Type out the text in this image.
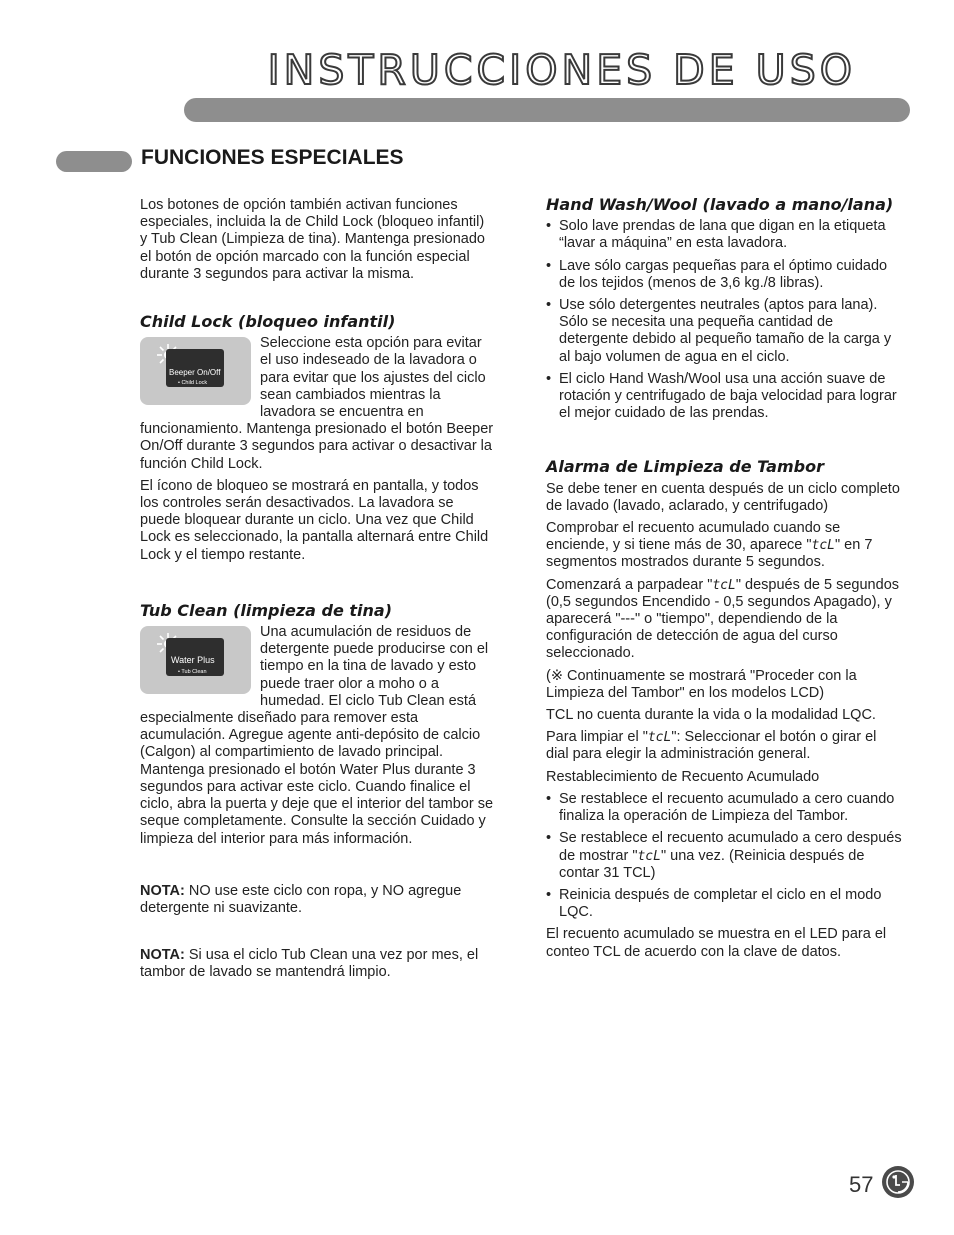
INSTRUCCIONES DE USO
FUNCIONES ESPECIALES

Los botones de opción también activan funciones especiales, incluida la de Child Lock (bloqueo infantil) y Tub Clean (Limpieza de tina). Mantenga presionado el botón de opción marcado con la función especial durante 3 segundos para activar la misma.

Child Lock (bloqueo infantil)
Beeper On/Off
• Child Lock

Seleccione esta opción para evitar el uso indeseado de la lavadora o para evitar que los ajustes del ciclo sean cambiados mientras la lavadora se encuentra en funcionamiento. Mantenga presionado el botón Beeper On/Off durante 3 segundos para activar o desactivar la función Child Lock.

El ícono de bloqueo se mostrará en pantalla, y todos los controles serán desactivados. La lavadora se puede bloquear durante un ciclo. Una vez que Child Lock es seleccionado, la pantalla alternará entre Child Lock y el tiempo restante.

Tub Clean (limpieza de tina)
Water Plus
• Tub Clean

Una acumulación de residuos de detergente puede producirse con el tiempo en la tina de lavado y esto puede traer olor a moho o a humedad. El ciclo Tub Clean está especialmente diseñado para remover esta acumulación. Agregue agente anti-depósito de calcio (Calgon) al compartimiento de lavado principal. Mantenga presionado el botón Water Plus durante 3 segundos para activar este ciclo. Cuando finalice el ciclo, abra la puerta y deje que el interior del tambor se seque completamente. Consulte la sección Cuidado y limpieza del interior para más información.

NOTA: NO use este ciclo con ropa, y NO agregue detergente ni suavizante.

NOTA: Si usa el ciclo Tub Clean una vez por mes, el tambor de lavado se mantendrá limpio.

Hand Wash/Wool (lavado a mano/lana)
• Solo lave prendas de lana que digan en la etiqueta “lavar a máquina” en esta lavadora.
• Lave sólo cargas pequeñas para el óptimo cuidado de los tejidos (menos de 3,6 kg./8 libras).
• Use sólo detergentes neutrales (aptos para lana). Sólo se necesita una pequeña cantidad de detergente debido al pequeño tamaño de la carga y al bajo volumen de agua en el ciclo.
• El ciclo Hand Wash/Wool usa una acción suave de rotación y centrifugado de baja velocidad para lograr el mejor cuidado de las prendas.
Alarma de Limpieza de Tambor

Se debe tener en cuenta después de un ciclo completo de lavado (lavado, aclarado, y centrifugado)

Comprobar el recuento acumulado cuando se enciende, y si tiene más de 30, aparece "tcL" en 7 segmentos mostrados durante 5 segundos.

Comenzará a parpadear "tcL" después de 5 segundos (0,5 segundos Encendido - 0,5 segundos Apagado), y aparecerá "---" o "tiempo", dependiendo de la configuración de detección de agua del curso seleccionado.

(※ Continuamente se mostrará "Proceder con la Limpieza del Tambor" en los modelos LCD)

TCL no cuenta durante la vida o la modalidad LQC.

Para limpiar el "tcL": Seleccionar el botón o girar el dial para elegir la administración general.

Restablecimiento de Recuento Acumulado

• Se restablece el recuento acumulado a cero cuando finaliza la operación de Limpieza del Tambor.
• Se restablece el recuento acumulado a cero después de mostrar "tcL" una vez. (Reinicia después de contar 31 TCL)
• Reinicia después de completar el ciclo en el modo LQC.

El recuento acumulado se muestra en el LED para el conteo TCL de acuerdo con la clave de datos.

57
